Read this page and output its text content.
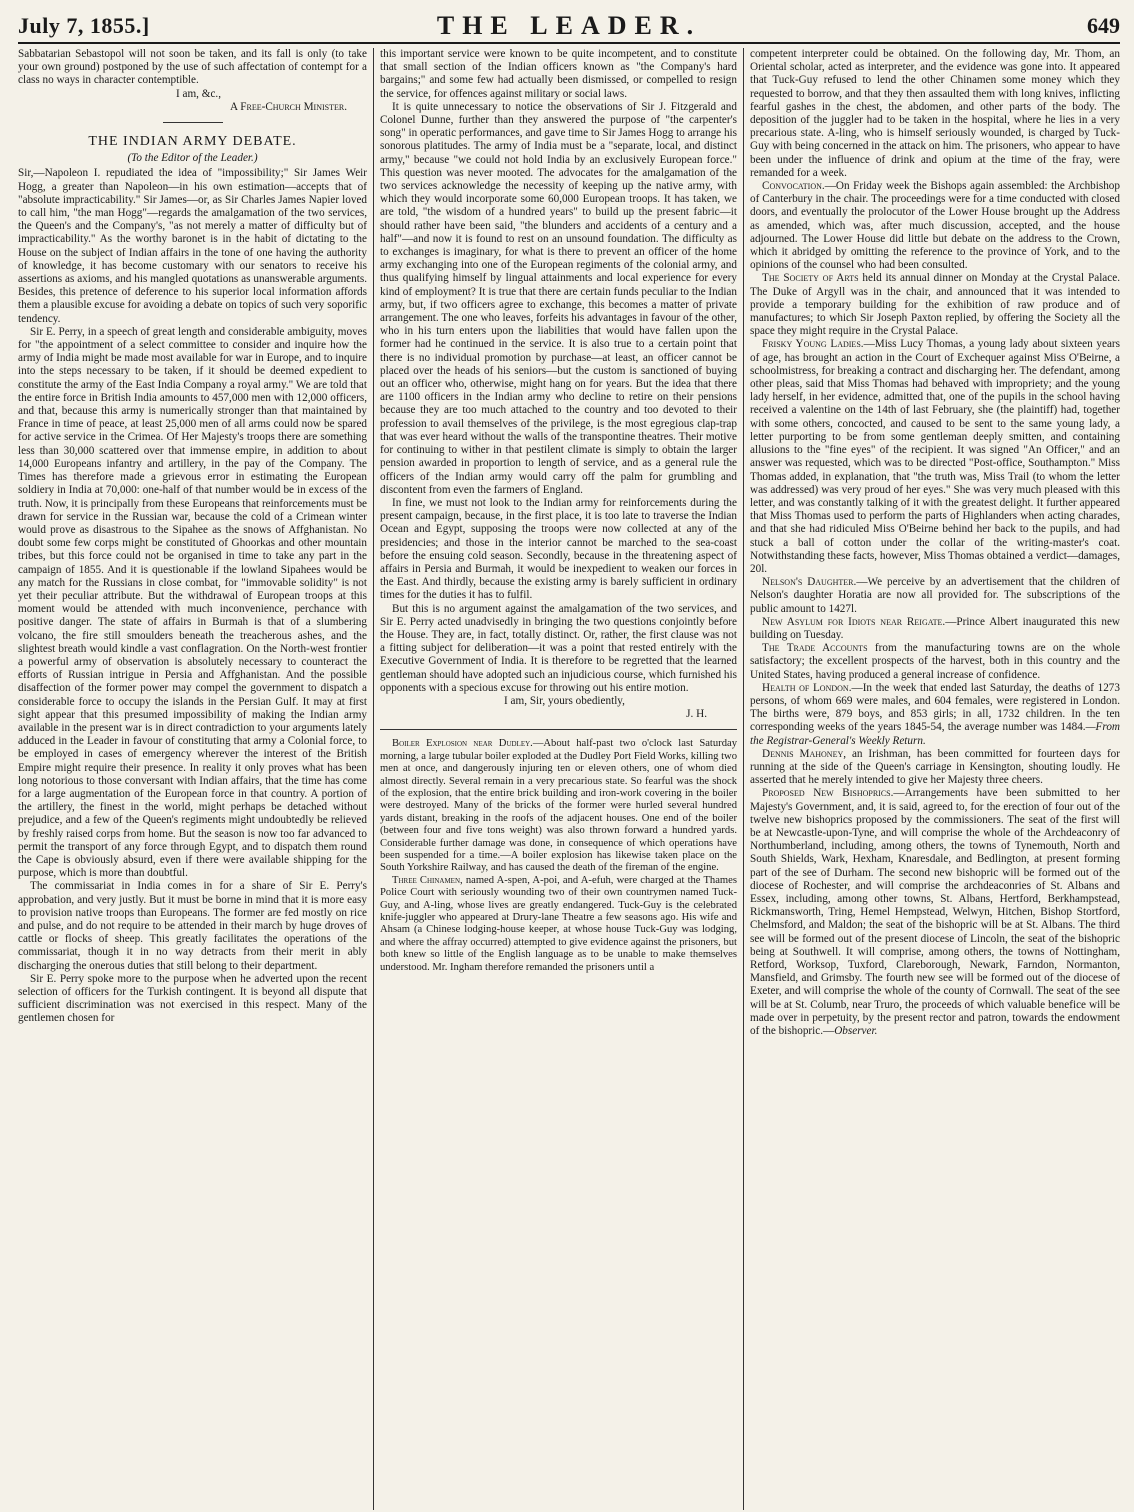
July 7, 1855.]	THE LEADER.	649

Sabbatarian Sebastopol will not soon be taken, and its fall is only (to take your own ground) postponed by the use of such affectation of contempt for a class no ways in character contemptible.

I am, &c.,

A Free-Church Minister.

THE INDIAN ARMY DEBATE.
(To the Editor of the Leader.)

Sir,—Napoleon I. repudiated the idea of "impossibility;" Sir James Weir Hogg, a greater than Napoleon—in his own estimation—accepts that of "absolute impracticability." Sir James—or, as Sir Charles James Napier loved to call him, "the man Hogg"—regards the amalgamation of the two services, the Queen's and the Company's, "as not merely a matter of difficulty but of impracticability." As the worthy baronet is in the habit of dictating to the House on the subject of Indian affairs in the tone of one having the authority of knowledge, it has become customary with our senators to receive his assertions as axioms, and his mangled quotations as unanswerable arguments. Besides, this pretence of deference to his superior local information affords them a plausible excuse for avoiding a debate on topics of such very soporific tendency.

Sir E. Perry, in a speech of great length and considerable ambiguity, moves for "the appointment of a select committee to consider and inquire how the army of India might be made most available for war in Europe, and to inquire into the steps necessary to be taken, if it should be deemed expedient to constitute the army of the East India Company a royal army." We are told that the entire force in British India amounts to 457,000 men with 12,000 officers, and that, because this army is numerically stronger than that maintained by France in time of peace, at least 25,000 men of all arms could now be spared for active service in the Crimea. Of Her Majesty's troops there are something less than 30,000 scattered over that immense empire, in addition to about 14,000 Europeans infantry and artillery, in the pay of the Company. The Times has therefore made a grievous error in estimating the European soldiery in India at 70,000: one-half of that number would be in excess of the truth. Now, it is principally from these Europeans that reinforcements must be drawn for service in the Russian war, because the cold of a Crimean winter would prove as disastrous to the Sipahee as the snows of Affghanistan. No doubt some few corps might be constituted of Ghoorkas and other mountain tribes, but this force could not be organised in time to take any part in the campaign of 1855. And it is questionable if the lowland Sipahees would be any match for the Russians in close combat, for "immovable solidity" is not yet their peculiar attribute. But the withdrawal of European troops at this moment would be attended with much inconvenience, perchance with positive danger. The state of affairs in Burmah is that of a slumbering volcano, the fire still smoulders beneath the treacherous ashes, and the slightest breath would kindle a vast conflagration. On the North-west frontier a powerful army of observation is absolutely necessary to counteract the efforts of Russian intrigue in Persia and Affghanistan. And the possible disaffection of the former power may compel the government to dispatch a considerable force to occupy the islands in the Persian Gulf. It may at first sight appear that this presumed impossibility of making the Indian army available in the present war is in direct contradiction to your arguments lately adduced in the Leader in favour of constituting that army a Colonial force, to be employed in cases of emergency wherever the interest of the British Empire might require their presence. In reality it only proves what has been long notorious to those conversant with Indian affairs, that the time has come for a large augmentation of the European force in that country. A portion of the artillery, the finest in the world, might perhaps be detached without prejudice, and a few of the Queen's regiments might undoubtedly be relieved by freshly raised corps from home. But the season is now too far advanced to permit the transport of any force through Egypt, and to dispatch them round the Cape is obviously absurd, even if there were available shipping for the purpose, which is more than doubtful.

The commissariat in India comes in for a share of Sir E. Perry's approbation, and very justly. But it must be borne in mind that it is more easy to provision native troops than Europeans. The former are fed mostly on rice and pulse, and do not require to be attended in their march by huge droves of cattle or flocks of sheep. This greatly facilitates the operations of the commissariat, though it in no way detracts from their merit in ably discharging the onerous duties that still belong to their department.

Sir E. Perry spoke more to the purpose when he adverted upon the recent selection of officers for the Turkish contingent. It is beyond all dispute that sufficient discrimination was not exercised in this respect. Many of the gentlemen chosen for

this important service were known to be quite incompetent, and to constitute that small section of the Indian officers known as "the Company's hard bargains;" and some few had actually been dismissed, or compelled to resign the service, for offences against military or social laws.

It is quite unnecessary to notice the observations of Sir J. Fitzgerald and Colonel Dunne, further than they answered the purpose of "the carpenter's song" in operatic performances, and gave time to Sir James Hogg to arrange his sonorous platitudes. The army of India must be a "separate, local, and distinct army," because "we could not hold India by an exclusively European force." This question was never mooted. The advocates for the amalgamation of the two services acknowledge the necessity of keeping up the native army, with which they would incorporate some 60,000 European troops. It has taken, we are told, "the wisdom of a hundred years" to build up the present fabric—it should rather have been said, "the blunders and accidents of a century and a half"—and now it is found to rest on an unsound foundation. The difficulty as to exchanges is imaginary, for what is there to prevent an officer of the home army exchanging into one of the European regiments of the colonial army, and thus qualifying himself by lingual attainments and local experience for every kind of employment? It is true that there are certain funds peculiar to the Indian army, but, if two officers agree to exchange, this becomes a matter of private arrangement. The one who leaves, forfeits his advantages in favour of the other, who in his turn enters upon the liabilities that would have fallen upon the former had he continued in the service. It is also true to a certain point that there is no individual promotion by purchase—at least, an officer cannot be placed over the heads of his seniors—but the custom is sanctioned of buying out an officer who, otherwise, might hang on for years. But the idea that there are 1100 officers in the Indian army who decline to retire on their pensions because they are too much attached to the country and too devoted to their profession to avail themselves of the privilege, is the most egregious clap-trap that was ever heard without the walls of the transpontine theatres. Their motive for continuing to wither in that pestilent climate is simply to obtain the larger pension awarded in proportion to length of service, and as a general rule the officers of the Indian army would carry off the palm for grumbling and discontent from even the farmers of England.

In fine, we must not look to the Indian army for reinforcements during the present campaign, because, in the first place, it is too late to traverse the Indian Ocean and Egypt, supposing the troops were now collected at any of the presidencies; and those in the interior cannot be marched to the sea-coast before the ensuing cold season. Secondly, because in the threatening aspect of affairs in Persia and Burmah, it would be inexpedient to weaken our forces in the East. And thirdly, because the existing army is barely sufficient in ordinary times for the duties it has to fulfil.

But this is no argument against the amalgamation of the two services, and Sir E. Perry acted unadvisedly in bringing the two questions conjointly before the House. They are, in fact, totally distinct. Or, rather, the first clause was not a fitting subject for deliberation—it was a point that rested entirely with the Executive Government of India. It is therefore to be regretted that the learned gentleman should have adopted such an injudicious course, which furnished his opponents with a specious excuse for throwing out his entire motion.

I am, Sir, yours obediently,

J. H.

Boiler Explosion near Dudley.—About half-past two o'clock last Saturday morning, a large tubular boiler exploded at the Dudley Port Field Works, killing two men at once, and dangerously injuring ten or eleven others, one of whom died almost directly. Several remain in a very precarious state. So fearful was the shock of the explosion, that the entire brick building and iron-work covering in the boiler were destroyed. Many of the bricks of the former were hurled several hundred yards distant, breaking in the roofs of the adjacent houses. One end of the boiler (between four and five tons weight) was also thrown forward a hundred yards. Considerable further damage was done, in consequence of which operations have been suspended for a time.—A boiler explosion has likewise taken place on the South Yorkshire Railway, and has caused the death of the fireman of the engine.

Three Chinamen, named A-spen, A-poi, and A-efuh, were charged at the Thames Police Court with seriously wounding two of their own countrymen named Tuck-Guy, and A-ling, whose lives are greatly endangered. Tuck-Guy is the celebrated knife-juggler who appeared at Drury-lane Theatre a few seasons ago. His wife and Ahsam (a Chinese lodging-house keeper, at whose house Tuck-Guy was lodging, and where the affray occurred) attempted to give evidence against the prisoners, but both knew so little of the English language as to be unable to make themselves understood. Mr. Ingham therefore remanded the prisoners until a

competent interpreter could be obtained. On the following day, Mr. Thom, an Oriental scholar, acted as interpreter, and the evidence was gone into. It appeared that Tuck-Guy refused to lend the other Chinamen some money which they requested to borrow, and that they then assaulted them with long knives, inflicting fearful gashes in the chest, the abdomen, and other parts of the body. The deposition of the juggler had to be taken in the hospital, where he lies in a very precarious state. A-ling, who is himself seriously wounded, is charged by Tuck-Guy with being concerned in the attack on him. The prisoners, who appear to have been under the influence of drink and opium at the time of the fray, were remanded for a week.

Convocation.—On Friday week the Bishops again assembled: the Archbishop of Canterbury in the chair. The proceedings were for a time conducted with closed doors, and eventually the prolocutor of the Lower House brought up the Address as amended, which was, after much discussion, accepted, and the house adjourned. The Lower House did little but debate on the address to the Crown, which it abridged by omitting the reference to the province of York, and to the opinions of the counsel who had been consulted.

The Society of Arts held its annual dinner on Monday at the Crystal Palace. The Duke of Argyll was in the chair, and announced that it was intended to provide a temporary building for the exhibition of raw produce and of manufactures; to which Sir Joseph Paxton replied, by offering the Society all the space they might require in the Crystal Palace.

Frisky Young Ladies.—Miss Lucy Thomas, a young lady about sixteen years of age, has brought an action in the Court of Exchequer against Miss O'Beirne, a schoolmistress, for breaking a contract and discharging her. The defendant, among other pleas, said that Miss Thomas had behaved with impropriety; and the young lady herself, in her evidence, admitted that, one of the pupils in the school having received a valentine on the 14th of last February, she (the plaintiff) had, together with some others, concocted, and caused to be sent to the same young lady, a letter purporting to be from some gentleman deeply smitten, and containing allusions to the "fine eyes" of the recipient. It was signed "An Officer," and an answer was requested, which was to be directed "Post-office, Southampton." Miss Thomas added, in explanation, that "the truth was, Miss Trail (to whom the letter was addressed) was very proud of her eyes." She was very much pleased with this letter, and was constantly talking of it with the greatest delight. It further appeared that Miss Thomas used to perform the parts of Highlanders when acting charades, and that she had ridiculed Miss O'Beirne behind her back to the pupils, and had stuck a ball of cotton under the collar of the writing-master's coat. Notwithstanding these facts, however, Miss Thomas obtained a verdict—damages, 20l.

Nelson's Daughter.—We perceive by an advertisement that the children of Nelson's daughter Horatia are now all provided for. The subscriptions of the public amount to 1427l.

New Asylum for Idiots near Reigate.—Prince Albert inaugurated this new building on Tuesday.

The Trade Accounts from the manufacturing towns are on the whole satisfactory; the excellent prospects of the harvest, both in this country and the United States, having produced a general increase of confidence.

Health of London.—In the week that ended last Saturday, the deaths of 1273 persons, of whom 669 were males, and 604 females, were registered in London. The births were, 879 boys, and 853 girls; in all, 1732 children. In the ten corresponding weeks of the years 1845-54, the average number was 1484.—From the Registrar-General's Weekly Return.

Dennis Mahoney, an Irishman, has been committed for fourteen days for running at the side of the Queen's carriage in Kensington, shouting loudly. He asserted that he merely intended to give her Majesty three cheers.

Proposed New Bishoprics.—Arrangements have been submitted to her Majesty's Government, and, it is said, agreed to, for the erection of four out of the twelve new bishoprics proposed by the commissioners. The seat of the first will be at Newcastle-upon-Tyne, and will comprise the whole of the Archdeaconry of Northumberland, including, among others, the towns of Tynemouth, North and South Shields, Wark, Hexham, Knaresdale, and Bedlington, at present forming part of the see of Durham. The second new bishopric will be formed out of the diocese of Rochester, and will comprise the archdeaconries of St. Albans and Essex, including, among other towns, St. Albans, Hertford, Berkhampstead, Rickmansworth, Tring, Hemel Hempstead, Welwyn, Hitchen, Bishop Stortford, Chelmsford, and Maldon; the seat of the bishopric will be at St. Albans. The third see will be formed out of the present diocese of Lincoln, the seat of the bishopric being at Southwell. It will comprise, among others, the towns of Nottingham, Retford, Worksop, Tuxford, Clareborough, Newark, Farndon, Normanton, Mansfield, and Grimsby. The fourth new see will be formed out of the diocese of Exeter, and will comprise the whole of the county of Cornwall. The seat of the see will be at St. Columb, near Truro, the proceeds of which valuable benefice will be made over in perpetuity, by the present rector and patron, towards the endowment of the bishopric.—Observer.
